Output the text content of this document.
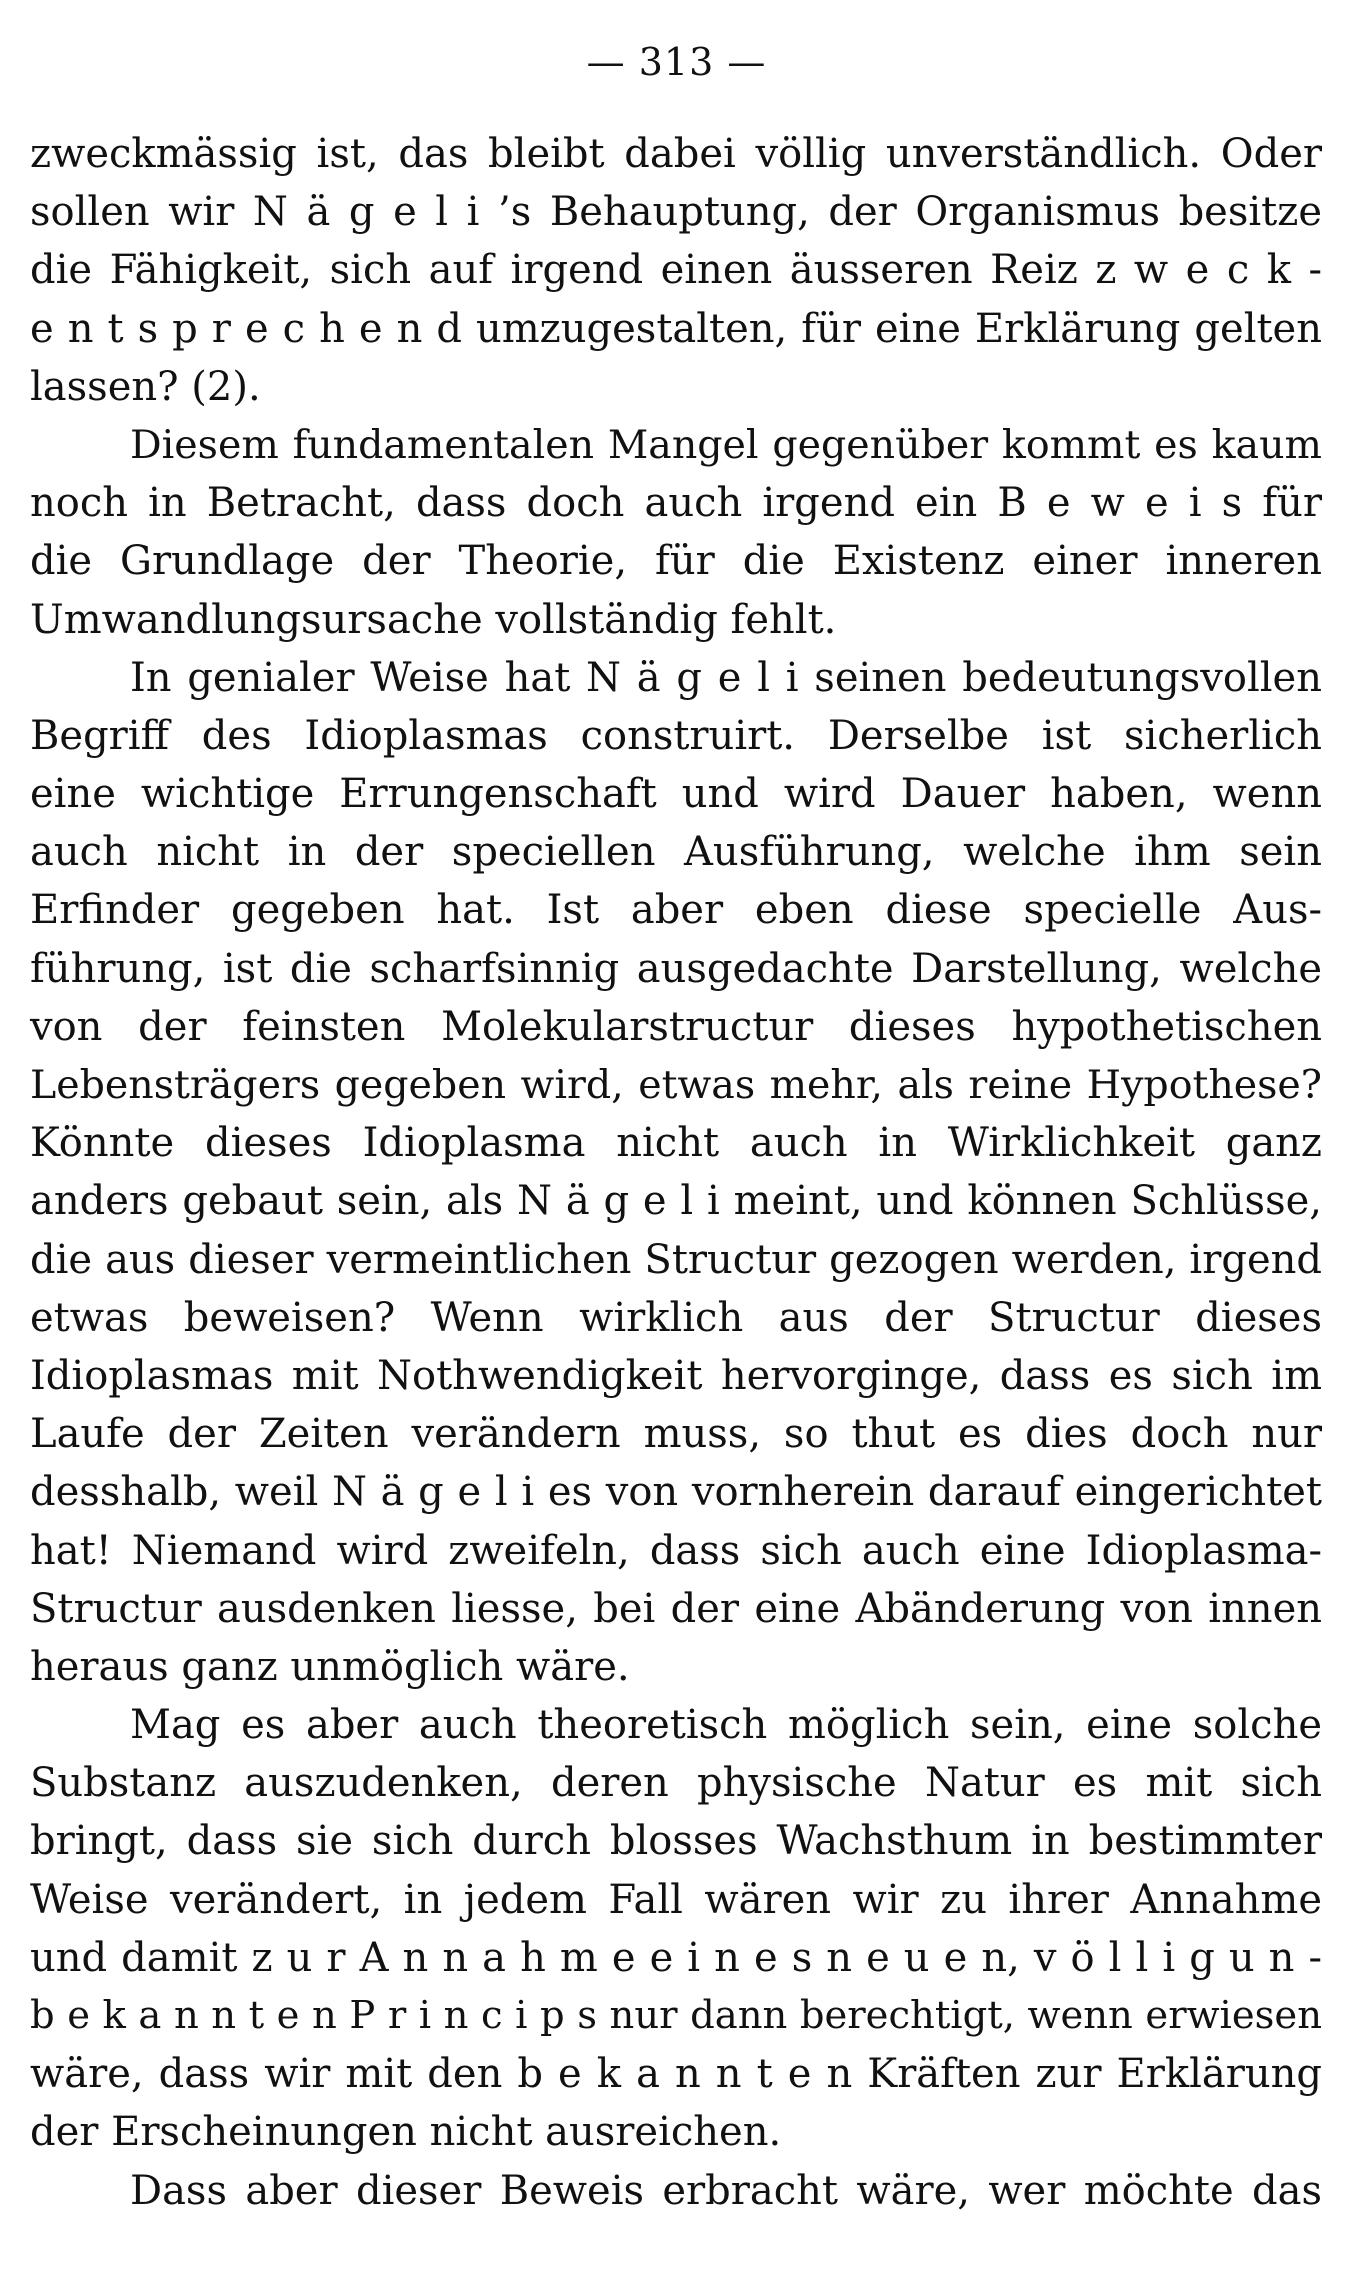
— 313 —
zweckmässig ist, das bleibt dabei völlig unverständlich. Oder
sollen wir N ä g e l i ’s Behauptung, der Organismus besitze
die Fähigkeit, sich auf irgend einen äusseren Reiz z w e c k -
e n t s p r e c h e n d umzugestalten, für eine Erklärung gelten
lassen? (2).
Diesem fundamentalen Mangel gegenüber kommt es kaum
noch in Betracht, dass doch auch irgend ein B e w e i s für
die Grundlage der Theorie, für die Existenz einer inneren
Umwandlungsursache vollständig fehlt.
In genialer Weise hat N ä g e l i seinen bedeutungsvollen
Begriff des Idioplasmas construirt. Derselbe ist sicherlich
eine wichtige Errungenschaft und wird Dauer haben, wenn
auch nicht in der speciellen Ausführung, welche ihm sein
Erfinder gegeben hat. Ist aber eben diese specielle Aus-
führung, ist die scharfsinnig ausgedachte Darstellung, welche
von der feinsten Molekularstructur dieses hypothetischen
Lebensträgers gegeben wird, etwas mehr, als reine Hypothese?
Könnte dieses Idioplasma nicht auch in Wirklichkeit ganz
anders gebaut sein, als N ä g e l i meint, und können Schlüsse,
die aus dieser vermeintlichen Structur gezogen werden, irgend
etwas beweisen? Wenn wirklich aus der Structur dieses
Idioplasmas mit Nothwendigkeit hervorginge, dass es sich im
Laufe der Zeiten verändern muss, so thut es dies doch nur
desshalb, weil N ä g e l i es von vornherein darauf eingerichtet
hat! Niemand wird zweifeln, dass sich auch eine Idioplasma-
Structur ausdenken liesse, bei der eine Abänderung von innen
heraus ganz unmöglich wäre.
Mag es aber auch theoretisch möglich sein, eine solche
Substanz auszudenken, deren physische Natur es mit sich
bringt, dass sie sich durch blosses Wachsthum in bestimmter
Weise verändert, in jedem Fall wären wir zu ihrer Annahme
und damit z u r A n n a h m e e i n e s n e u e n, v ö l l i g u n -
b e k a n n t e n P r i n c i p s nur dann berechtigt, wenn erwiesen
wäre, dass wir mit den b e k a n n t e n Kräften zur Erklärung
der Erscheinungen nicht ausreichen.
Dass aber dieser Beweis erbracht wäre, wer möchte das
